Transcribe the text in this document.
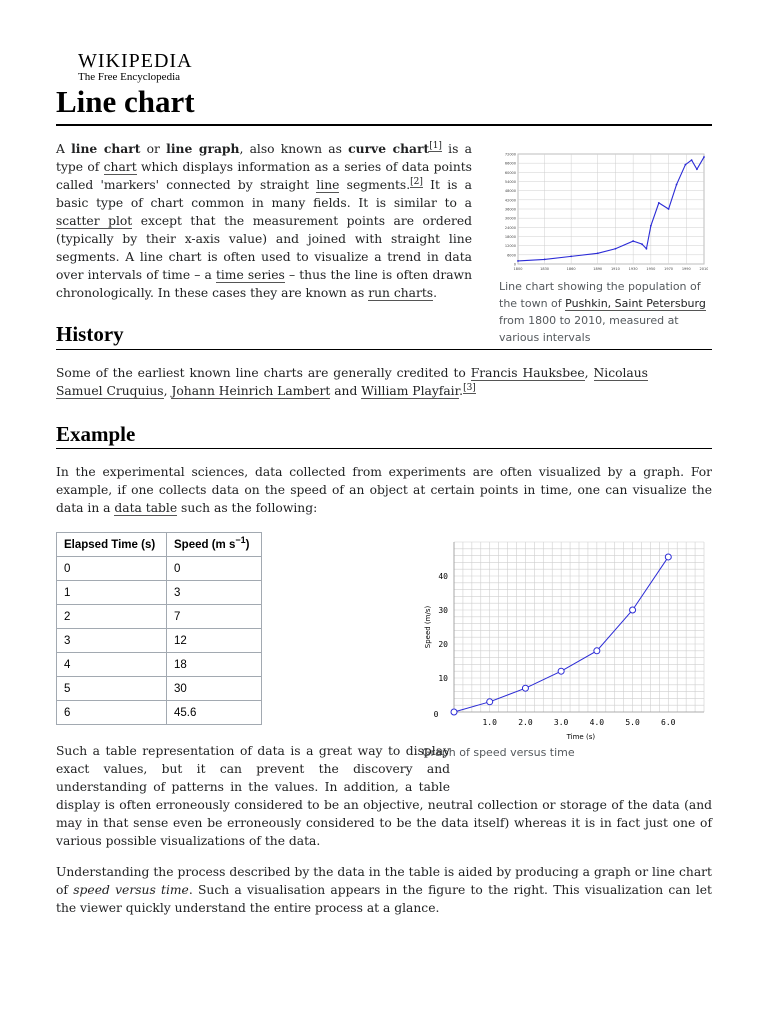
WIKIPEDIA
The Free Encyclopedia
Line chart

A line chart or line graph, also known as curve chart[1] is a type of chart which displays information as a series of data points called 'markers' connected by straight line segments.[2] It is a basic type of chart common in many fields. It is similar to a scatter plot except that the measurement points are ordered (typically by their x-axis value) and joined with straight line segments. A line chart is often used to visualize a trend in data over intervals of time – a time series – thus the line is often drawn chronologically. In these cases they are known as run charts.

0
6000
12000
18000
24000
30000
36000
42000
48000
54000
60000
66000
72000
1800	1830	1860	1890	1910	1930	1950	1970	1990	2010

Line chart showing the population of the town of Pushkin, Saint Petersburg from 1800 to 2010, measured at various intervals

History

Some of the earliest known line charts are generally credited to Francis Hauksbee, Nicolaus Samuel Cruquius, Johann Heinrich Lambert and William Playfair.[3]

Example

In the experimental sciences, data collected from experiments are often visualized by a graph. For example, if one collects data on the speed of an object at certain points in time, one can visualize the data in a data table such as the following:

Elapsed Time (s)	Speed (m $s^{-1}$)
0	0
1	3
2	7
3	12
4	18
5	30
6	45.6
1.0	2.0	3.0	4.0	5.0	6.0
10
20
30
40
0
Time (s)
Speed (m/s)

Graph of speed versus time

Such a table representation of data is a great way to display exact values, but it can prevent the discovery and understanding of patterns in the values. In addition, a table display is often erroneously considered to be an objective, neutral collection or storage of the data (and may in that sense even be erroneously considered to be the data itself) whereas it is in fact just one of various possible visualizations of the data.

Understanding the process described by the data in the table is aided by producing a graph or line chart of speed versus time. Such a visualisation appears in the figure to the right. This visualization can let the viewer quickly understand the entire process at a glance.
